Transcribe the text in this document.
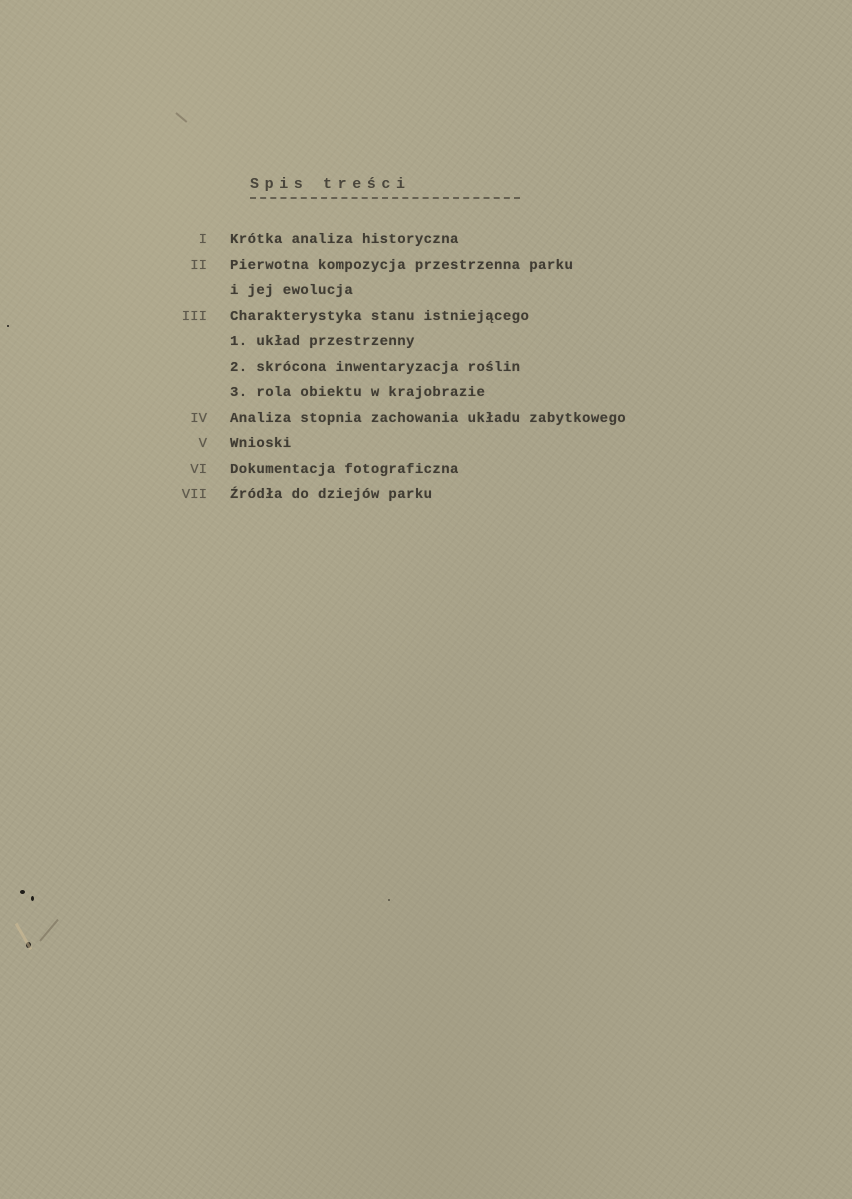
Spis treści
I Krótka analiza historyczna
II Pierwotna kompozycja przestrzenna parku
i jej ewolucja
III Charakterystyka stanu istniejącego
1. układ przestrzenny
2. skrócona inwentaryzacja roślin
3. rola obiektu w krajobrazie
IV Analiza stopnia zachowania układu zabytkowego
V Wnioski
VI Dokumentacja fotograficzna
VII Źródła do dziejów parku
